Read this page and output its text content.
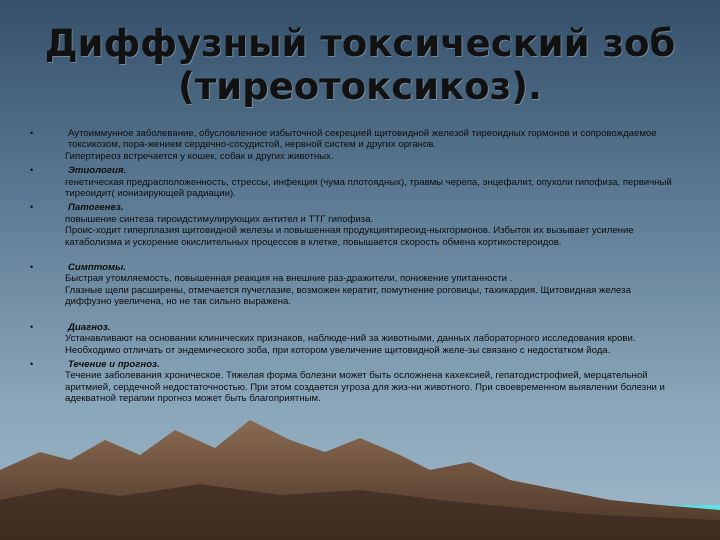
Диффузный токсический зоб (тиреотоксикоз).
•	Аутоиммунное заболевание, обусловленное избыточной секрецией щитовидной железой тиреоидных гормонов и сопровождаемое токсикозом, пора-жением сердечно-сосудистой, нервной систем и других органов.
Гипертиреоз встречается у кошек, собак и других животных.
•	Этиология.
генетическая предрасположенность, стрессы, инфекция (чума плотоядных), травмы черепа, энцефалит, опухоли гипофиза, первичный тиреоидит( ионизирующей радиации).
•	Патогенез.
повышение синтеза тироидстимулирующих антител и ТТГ гипофиза.
Проис-ходит гиперплазия щитовидной железы и повышенная продукциятиреоид-ныхгормонов. Избыток их вызывает усиление катаболизма и ускорение окислительных процессов в клетке, повышается скорость обмена кортикостероидов.
•	Симптомы.
Быстрая утомляемость, повышенная реакция на внешние раз-дражители, понижение упитанности .
Глазные щели расширены, отмечается пучеглазие, возможен кератит, помутнение роговицы, тахикардия. Щитовидная железа диффузно увеличена, но не так сильно выражена.
•	Диагноз.
Устанавливают на основании клинических признаков, наблюде-ний за животными, данных лабораторного исследования крови. Необходимо отличать от эндемического зоба, при котором увеличение щитовидной желе-зы связано с недостатком йода.
•	Течение и прогноз.
Течение заболевания хроническое. Тяжелая форма болезни может быть осложнена кахексией, гепатодистрофией, мерцательной аритмией, сердечной недостаточностью. При этом создается угроза для жиз-ни животного. При своевременном выявлении болезни и адекватной терапии прогноз может быть благоприятным.
